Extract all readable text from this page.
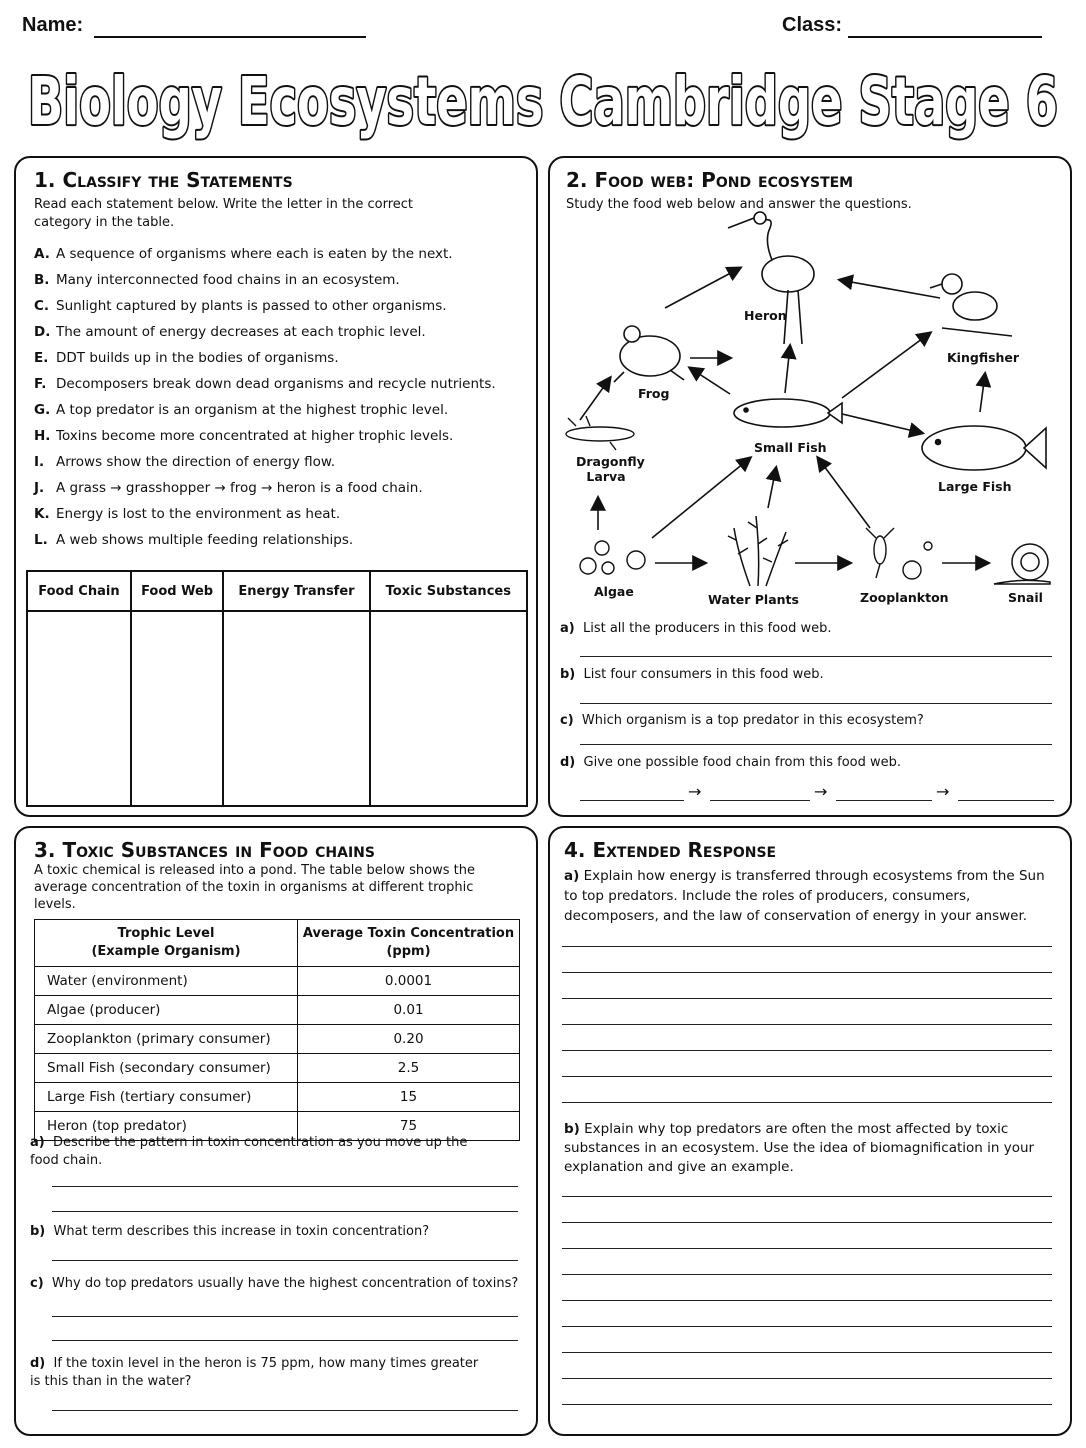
Name:	Class:
Biology Ecosystems Cambridge Stage 6
1. Classify the Statements
Read each statement below. Write the letter in the correct category in the table.
A. A sequence of organisms where each is eaten by the next.
B. Many interconnected food chains in an ecosystem.
C. Sunlight captured by plants is passed to other organisms.
D. The amount of energy decreases at each trophic level.
E. DDT builds up in the bodies of organisms.
F. Decomposers break down dead organisms and recycle nutrients.
G. A top predator is an organism at the highest trophic level.
H. Toxins become more concentrated at higher trophic levels.
I. Arrows show the direction of energy flow.
J. A grass → grasshopper → frog → heron is a food chain.
K. Energy is lost to the environment as heat.
L. A web shows multiple feeding relationships.
Food Chain	Food Web	Energy Transfer	Toxic Substances

2. Food web: Pond ecosystem
Study the food web below and answer the questions.
Heron
Frog
Kingfisher
Dragonfly
Larva
Small Fish
Large Fish
Algae
Water Plants	Zooplankton	Snail
a) List all the producers in this food web.
b) List four consumers in this food web.
c) Which organism is a top predator in this ecosystem?
d) Give one possible food chain from this food web.
→	→	→
3. Toxic Substances in Food chains
A toxic chemical is released into a pond. The table below shows the average concentration of the toxin in organisms at different trophic levels.
Trophic Level
(Example Organism)	Average Toxin Concentration
(ppm)
Water (environment)	0.0001
Algae (producer)	0.01
Zooplankton (primary consumer)	0.20
Small Fish (secondary consumer)	2.5
Large Fish (tertiary consumer)	15
Heron (top predator)	75
a) Describe the pattern in toxin concentration as you move up the food chain.
b) What term describes this increase in toxin concentration?
c) Why do top predators usually have the highest concentration of toxins?
d) If the toxin level in the heron is 75 ppm, how many times greater is this than in the water?
4. Extended Response
a) Explain how energy is transferred through ecosystems from the Sun to top predators. Include the roles of producers, consumers, decomposers, and the law of conservation of energy in your answer.
b) Explain why top predators are often the most affected by toxic substances in an ecosystem. Use the idea of biomagnification in your explanation and give an example.
